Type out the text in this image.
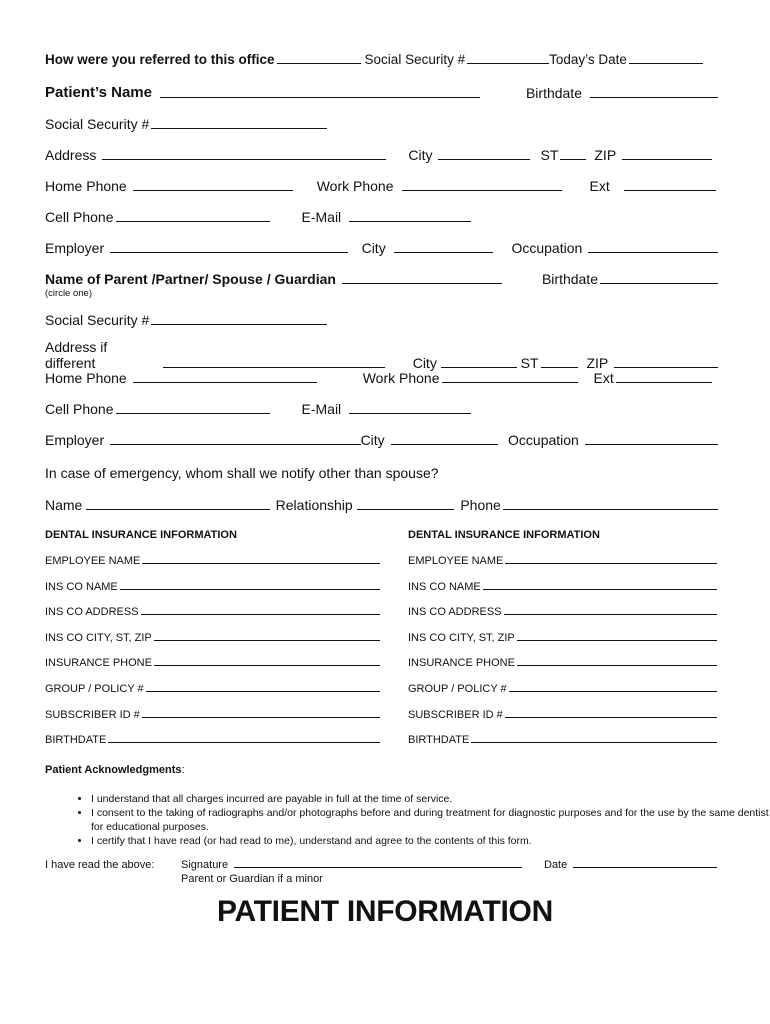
How were you referred to this office	Social Security #	Today’s Date
Patient’s Name	Birthdate
Social Security #
Address	City	ST	ZIP
Home Phone	Work Phone	Ext
Cell Phone	E-Mail
Employer	City	Occupation
Name of Parent /Partner/ Spouse / Guardian	Birthdate
(circle one)
Social Security #
Address if different	City	ST	ZIP
Home Phone	Work Phone	Ext
Cell Phone	E-Mail
Employer	City	Occupation
In case of emergency, whom shall we notify other than spouse?
Name	Relationship	Phone
DENTAL INSURANCE INFORMATION
EMPLOYEE NAME
INS CO NAME
INS CO ADDRESS
INS CO CITY, ST, ZIP
INSURANCE PHONE
GROUP / POLICY #
SUBSCRIBER ID #
BIRTHDATE
DENTAL INSURANCE INFORMATION
EMPLOYEE NAME
INS CO NAME
INS CO ADDRESS
INS CO CITY, ST, ZIP
INSURANCE PHONE
GROUP / POLICY #
SUBSCRIBER ID #
BIRTHDATE
Patient Acknowledgments:
• I understand that all charges incurred are payable in full at the time of service.
• I consent to the taking of radiographs and/or photographs before and during treatment for diagnostic purposes and for the use by the same dentist for educational purposes.
• I certify that I have read (or had read to me), understand and agree to the contents of this form.
I have read the above: Signature
Parent or Guardian if a minor
Date
PATIENT INFORMATION
